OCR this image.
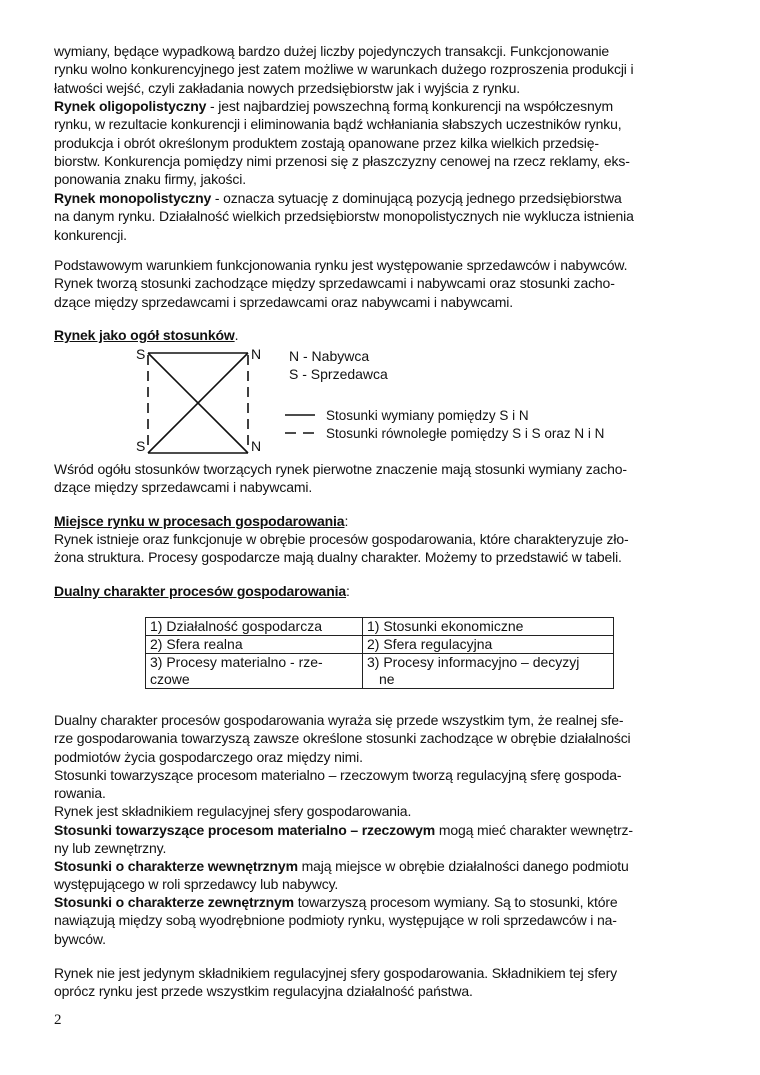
wymiany, będące wypadkową bardzo dużej liczby pojedynczych transakcji. Funkcjonowanie
rynku wolno konkurencyjnego jest zatem możliwe w warunkach dużego rozproszenia produkcji i
łatwości wejść, czyli zakładania nowych przedsiębiorstw jak i wyjścia z rynku.

Rynek oligopolistyczny - jest najbardziej powszechną formą konkurencji na współczesnym
rynku, w rezultacie konkurencji i eliminowania bądź wchłaniania słabszych uczestników rynku,
produkcja i obrót określonym produktem zostają opanowane przez kilka wielkich przedsię-
biorstw. Konkurencja pomiędzy nimi przenosi się z płaszczyzny cenowej na rzecz reklamy, eks-
ponowania znaku firmy, jakości.

Rynek monopolistyczny - oznacza sytuację z dominującą pozycją jednego przedsiębiorstwa
na danym rynku. Działalność wielkich przedsiębiorstw monopolistycznych nie wyklucza istnienia
konkurencji.

Podstawowym warunkiem funkcjonowania rynku jest występowanie sprzedawców i nabywców.
Rynek tworzą stosunki zachodzące między sprzedawcami i nabywcami oraz stosunki zacho-
dzące między sprzedawcami i sprzedawcami oraz nabywcami i nabywcami.

Rynek jako ogół stosunków.

S	N
S	N
N - Nabywca
S - Sprzedawca
Stosunki wymiany pomiędzy S i N
Stosunki równoległe pomiędzy S i S oraz N i N

Wśród ogółu stosunków tworzących rynek pierwotne znaczenie mają stosunki wymiany zacho-
dzące między sprzedawcami i nabywcami.

Miejsce rynku w procesach gospodarowania:

Rynek istnieje oraz funkcjonuje w obrębie procesów gospodarowania, które charakteryzuje zło-
żona struktura. Procesy gospodarcze mają dualny charakter. Możemy to przedstawić w tabeli.

Dualny charakter procesów gospodarowania:

1) Działalność gospodarcza	1) Stosunki ekonomiczne
2) Sfera realna	2) Sfera regulacyjna

3) Procesy materialno - rze-
czowe	3) Procesy informacyjno – decyzyj
ne

Dualny charakter procesów gospodarowania wyraża się przede wszystkim tym, że realnej sfe-
rze gospodarowania towarzyszą zawsze określone stosunki zachodzące w obrębie działalności
podmiotów życia gospodarczego oraz między nimi.
Stosunki towarzyszące procesom materialno – rzeczowym tworzą regulacyjną sferę gospoda-
rowania.
Rynek jest składnikiem regulacyjnej sfery gospodarowania.

Stosunki towarzyszące procesom materialno – rzeczowym mogą mieć charakter wewnętrz-
ny lub zewnętrzny.

Stosunki o charakterze wewnętrznym mają miejsce w obrębie działalności danego podmiotu
występującego w roli sprzedawcy lub nabywcy.

Stosunki o charakterze zewnętrznym towarzyszą procesom wymiany. Są to stosunki, które
nawiązują między sobą wyodrębnione podmioty rynku, występujące w roli sprzedawców i na-
bywców.

Rynek nie jest jedynym składnikiem regulacyjnej sfery gospodarowania. Składnikiem tej sfery
oprócz rynku jest przede wszystkim regulacyjna działalność państwa.

2
